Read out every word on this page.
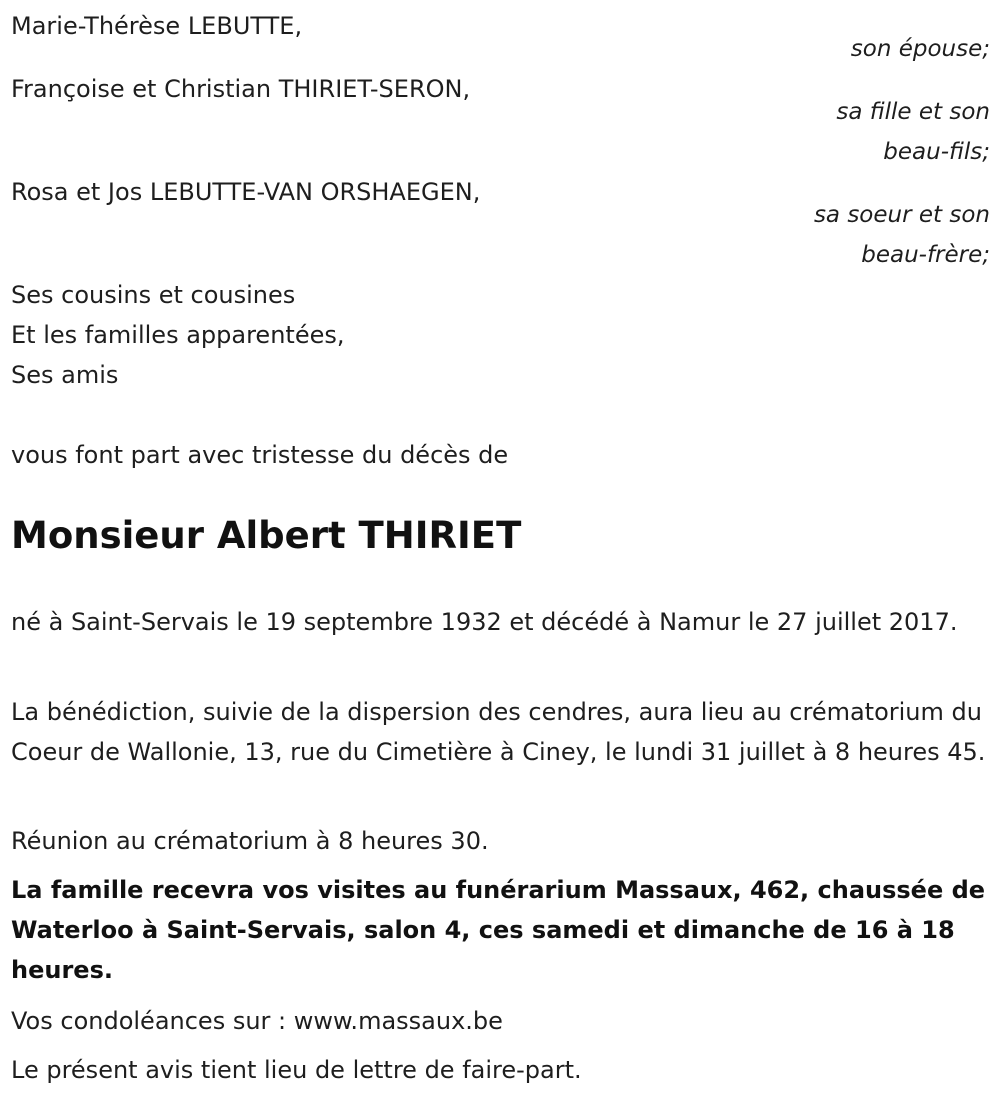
Marie-Thérèse LEBUTTE,
son épouse;
Françoise et Christian THIRIET-SERON,
sa fille et son
beau-fils;
Rosa et Jos LEBUTTE-VAN ORSHAEGEN,
sa soeur et son
beau-frère;
Ses cousins et cousines
Et les familles apparentées,
Ses amis
vous font part avec tristesse du décès de
Monsieur Albert THIRIET
né à Saint-Servais le 19 septembre 1932 et décédé à Namur le 27 juillet 2017.
La bénédiction, suivie de la dispersion des cendres, aura lieu au crématorium du Coeur de Wallonie, 13, rue du Cimetière à Ciney, le lundi 31 juillet à 8 heures 45.
Réunion au crématorium à 8 heures 30.
La famille recevra vos visites au funérarium Massaux, 462, chaussée de Waterloo à Saint-Servais, salon 4, ces samedi et dimanche de 16 à 18 heures.
Vos condoléances sur : www.massaux.be
Le présent avis tient lieu de lettre de faire-part.
